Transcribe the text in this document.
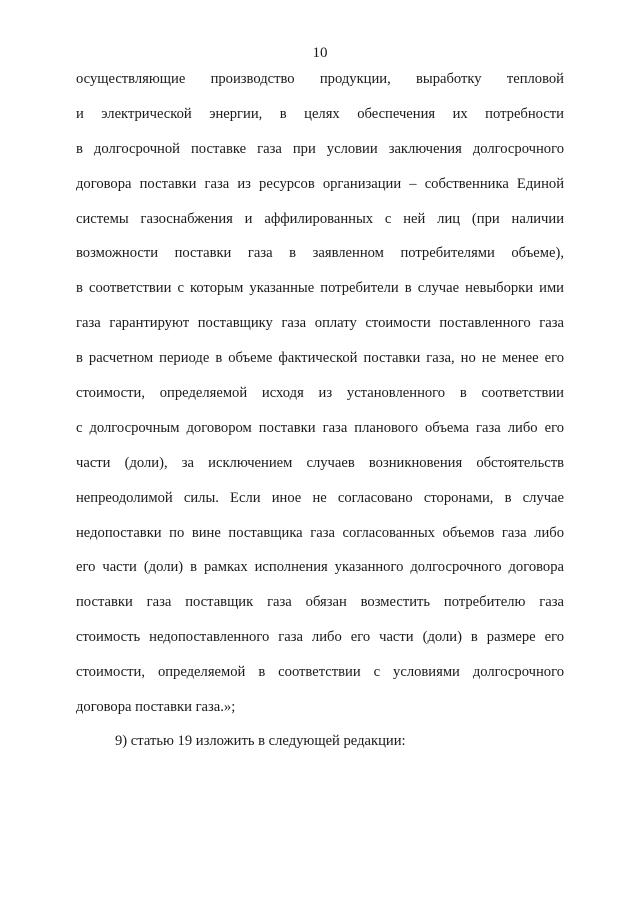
10
осуществляющие производство продукции, выработку тепловой
и электрической энергии, в целях обеспечения их потребности
в долгосрочной поставке газа при условии заключения долгосрочного
договора поставки газа из ресурсов организации – собственника Единой
системы газоснабжения и аффилированных с ней лиц (при наличии
возможности поставки газа в заявленном потребителями объеме),
в соответствии с которым указанные потребители в случае невыборки ими
газа гарантируют поставщику газа оплату стоимости поставленного газа
в расчетном периоде в объеме фактической поставки газа, но не менее его
стоимости, определяемой исходя из установленного в соответствии
с долгосрочным договором поставки газа планового объема газа либо его
части (доли), за исключением случаев возникновения обстоятельств
непреодолимой силы. Если иное не согласовано сторонами, в случае
недопоставки по вине поставщика газа согласованных объемов газа либо
его части (доли) в рамках исполнения указанного долгосрочного договора
поставки газа поставщик газа обязан возместить потребителю газа
стоимость недопоставленного газа либо его части (доли) в размере его
стоимости, определяемой в соответствии с условиями долгосрочного
договора поставки газа.»;
9) статью 19 изложить в следующей редакции:
